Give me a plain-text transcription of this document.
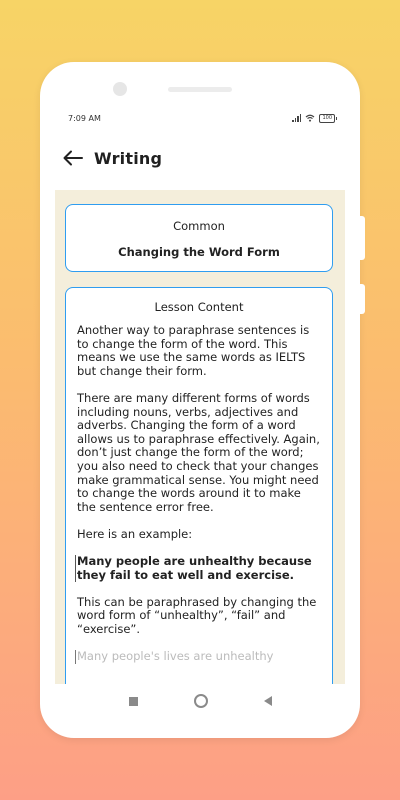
7:09 AM	100
Writing
Common
Changing the Word Form
Lesson Content

Another way to paraphrase sentences is to change the form of the word. This means we use the same words as IELTS but change their form.

There are many different forms of words including nouns, verbs, adjectives and adverbs. Changing the form of a word allows us to paraphrase effectively. Again, don’t just change the form of the word; you also need to check that your changes make grammatical sense. You might need to change the words around it to make the sentence error free.

Here is an example:

Many people are unhealthy because they fail to eat well and exercise.

This can be paraphrased by changing the word form of “unhealthy”, “fail” and “exercise”.

Many people's lives are unhealthy
